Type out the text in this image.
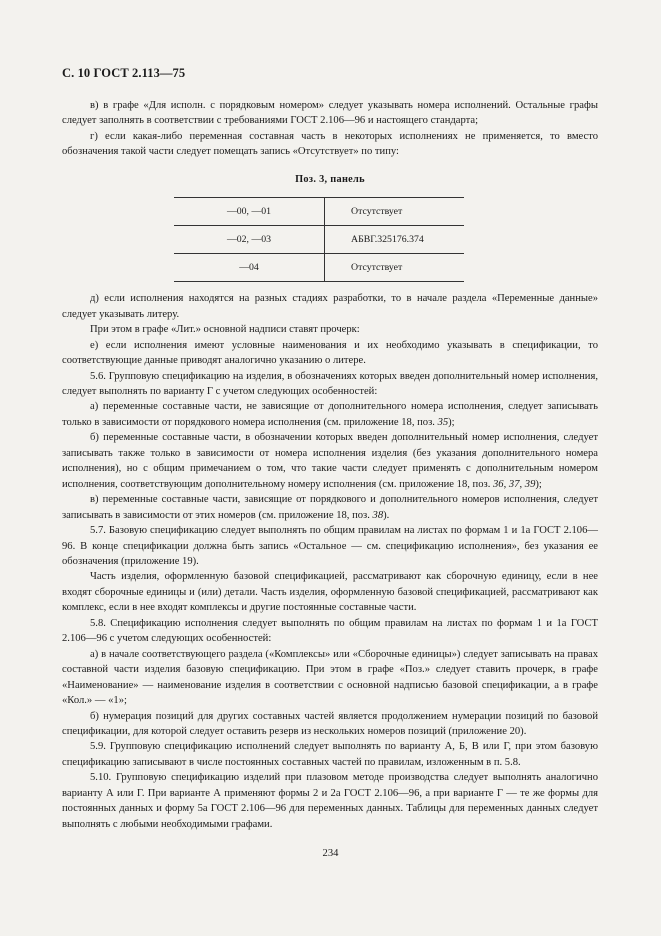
С. 10 ГОСТ 2.113—75

в) в графе «Для исполн. с порядковым номером» следует указывать номера исполнений. Остальные графы следует заполнять в соответствии с требованиями ГОСТ 2.106—96 и настоящего стандарта;

г) если какая-либо переменная составная часть в некоторых исполнениях не применяется, то вместо обозначения такой части следует помещать запись «Отсутствует» по типу:

Поз. 3, панель
—00, —01	Отсутствует
—02, —03	АБВГ.325176.374
—04	Отсутствует

д) если исполнения находятся на разных стадиях разработки, то в начале раздела «Переменные данные» следует указывать литеру.

При этом в графе «Лит.» основной надписи ставят прочерк:

е) если исполнения имеют условные наименования и их необходимо указывать в спецификации, то соответствующие данные приводят аналогично указанию о литере.

5.6. Групповую спецификацию на изделия, в обозначениях которых введен дополнительный номер исполнения, следует выполнять по варианту Г с учетом следующих особенностей:

а) переменные составные части, не зависящие от дополнительного номера исполнения, следует записывать только в зависимости от порядкового номера исполнения (см. приложение 18, поз. 35);

б) переменные составные части, в обозначении которых введен дополнительный номер исполнения, следует записывать также только в зависимости от номера исполнения изделия (без указания дополнительного номера исполнения), но с общим примечанием о том, что такие части следует применять с дополнительным номером исполнения, соответствующим дополнительному номеру исполнения (см. приложение 18, поз. 36, 37, 39);

в) переменные составные части, зависящие от порядкового и дополнительного номеров исполнения, следует записывать в зависимости от этих номеров (см. приложение 18, поз. 38).

5.7. Базовую спецификацию следует выполнять по общим правилам на листах по формам 1 и 1а ГОСТ 2.106—96. В конце спецификации должна быть запись «Остальное — см. спецификацию исполнения», без указания ее обозначения (приложение 19).

Часть изделия, оформленную базовой спецификацией, рассматривают как сборочную единицу, если в нее входят сборочные единицы и (или) детали. Часть изделия, оформленную базовой спецификацией, рассматривают как комплекс, если в нее входят комплексы и другие постоянные составные части.

5.8. Спецификацию исполнения следует выполнять по общим правилам на листах по формам 1 и 1а ГОСТ 2.106—96 с учетом следующих особенностей:

а) в начале соответствующего раздела («Комплексы» или «Сборочные единицы») следует записывать на правах составной части изделия базовую спецификацию. При этом в графе «Поз.» следует ставить прочерк, в графе «Наименование» — наименование изделия в соответствии с основной надписью базовой спецификации, а в графе «Кол.» — «1»;

б) нумерация позиций для других составных частей является продолжением нумерации позиций по базовой спецификации, для которой следует оставить резерв из нескольких номеров позиций (приложение 20).

5.9. Групповую спецификацию исполнений следует выполнять по варианту А, Б, В или Г, при этом базовую спецификацию записывают в числе постоянных составных частей по правилам, изложенным в п. 5.8.

5.10. Групповую спецификацию изделий при плазовом методе производства следует выполнять аналогично варианту А или Г. При варианте А применяют формы 2 и 2а ГОСТ 2.106—96, а при варианте Г — те же формы для постоянных данных и форму 5а ГОСТ 2.106—96 для переменных данных. Таблицы для переменных данных следует выполнять с любыми необходимыми графами.

234
